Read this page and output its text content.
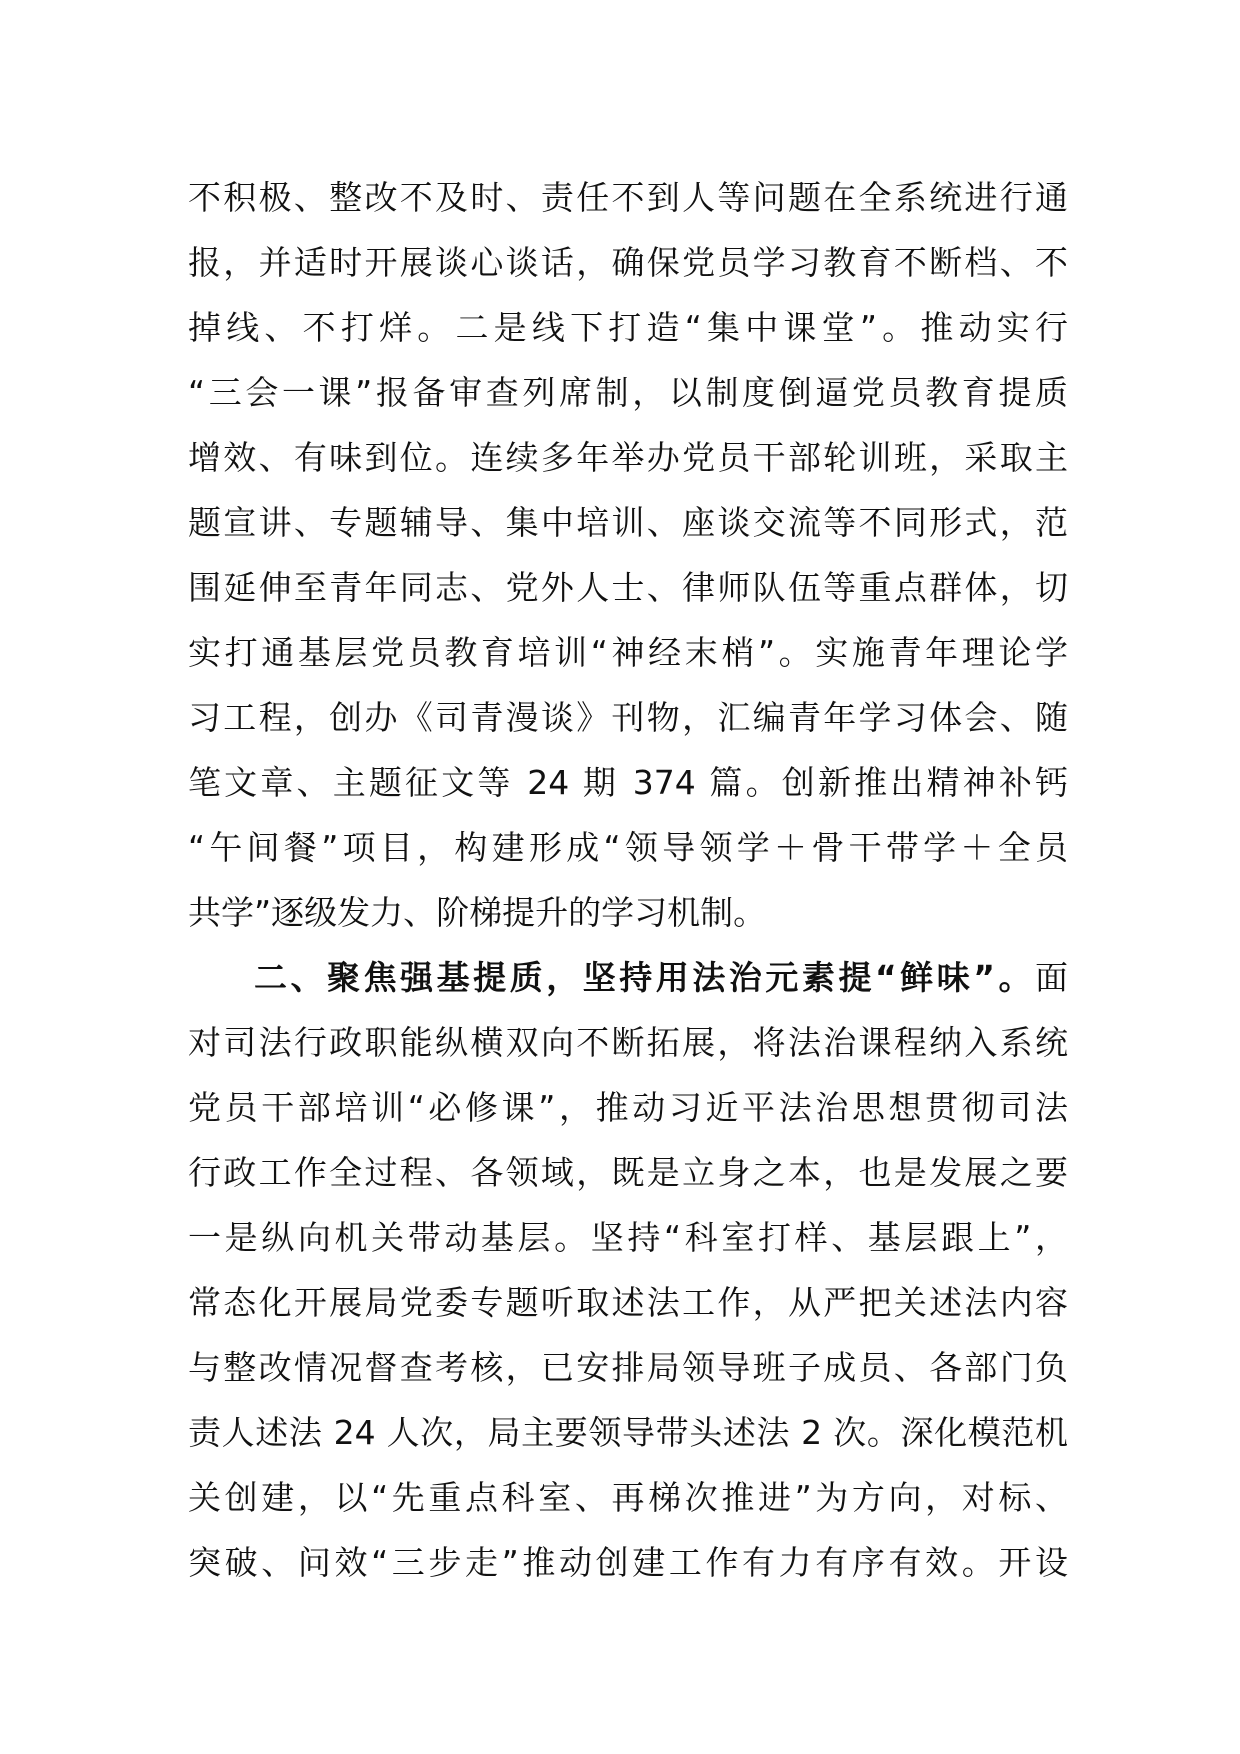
不积极、整改不及时、责任不到人等问题在全系统进行通
报，并适时开展谈心谈话，确保党员学习教育不断档、不
掉线、不打烊。二是线下打造“集中课堂”。推动实行
“三会一课”报备审查列席制，以制度倒逼党员教育提质
增效、有味到位。连续多年举办党员干部轮训班，采取主
题宣讲、专题辅导、集中培训、座谈交流等不同形式，范
围延伸至青年同志、党外人士、律师队伍等重点群体，切
实打通基层党员教育培训“神经末梢”。实施青年理论学
习工程，创办《司青漫谈》刊物，汇编青年学习体会、随
笔文章、主题征文等 24 期 374 篇。创新推出精神补钙
“午间餐”项目，构建形成“领导领学＋骨干带学＋全员
共学”逐级发力、阶梯提升的学习机制。
二、聚焦强基提质，坚持用法治元素提“鲜味”。面
对司法行政职能纵横双向不断拓展，将法治课程纳入系统
党员干部培训“必修课”，推动习近平法治思想贯彻司法
行政工作全过程、各领域，既是立身之本，也是发展之要
一是纵向机关带动基层。坚持“科室打样、基层跟上”，
常态化开展局党委专题听取述法工作，从严把关述法内容
与整改情况督查考核，已安排局领导班子成员、各部门负
责人述法 24 人次，局主要领导带头述法 2 次。深化模范机
关创建，以“先重点科室、再梯次推进”为方向，对标、
突破、问效“三步走”推动创建工作有力有序有效。开设
